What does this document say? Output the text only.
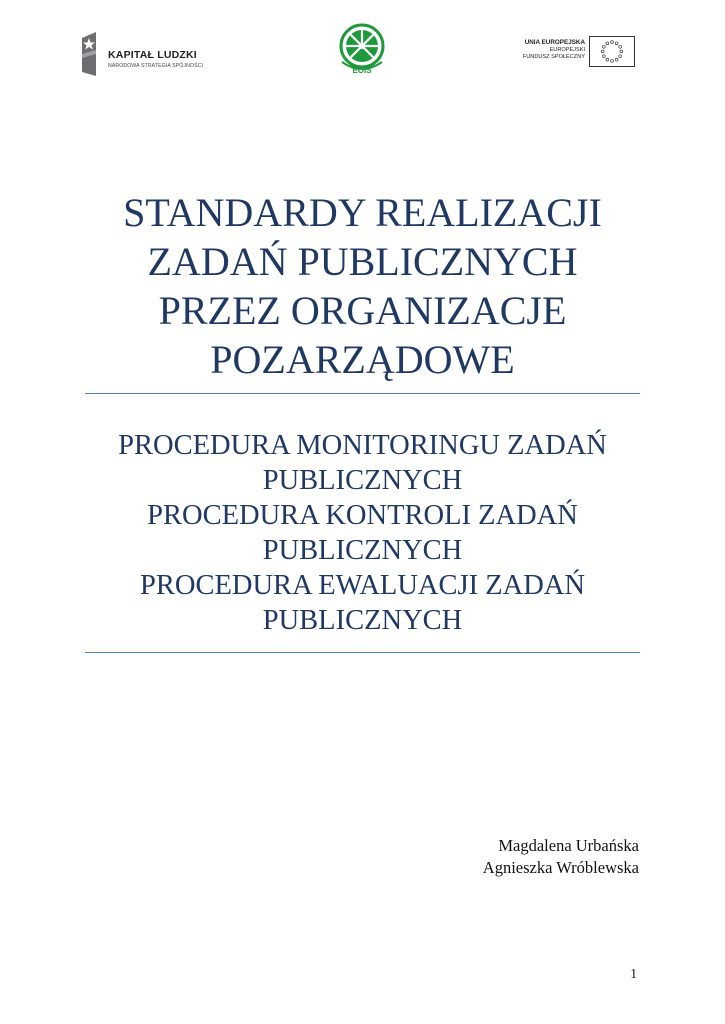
KAPITAŁ LUDZKI
NARODOWA STRATEGIA SPÓJNOŚCI	EOIS
UNIA EUROPEJSKA
EUROPEJSKI
FUNDUSZ SPOŁECZNY
STANDARDY REALIZACJI
ZADAŃ PUBLICZNYCH
PRZEZ ORGANIZACJE
POZARZĄDOWE
PROCEDURA MONITORINGU ZADAŃ
PUBLICZNYCH
PROCEDURA KONTROLI ZADAŃ
PUBLICZNYCH
PROCEDURA EWALUACJI ZADAŃ
PUBLICZNYCH
Magdalena Urbańska
Agnieszka Wróblewska
1
